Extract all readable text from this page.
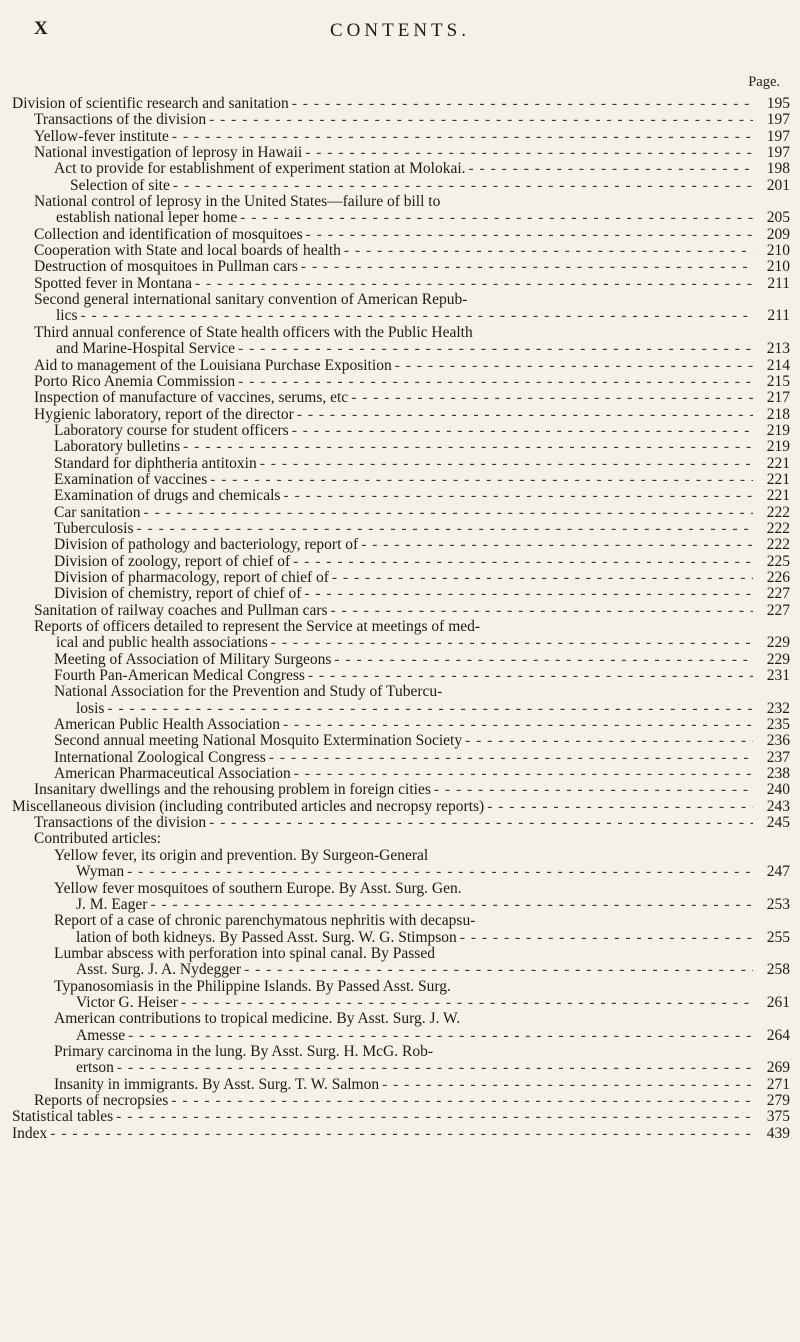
X	CONTENTS.
Page.
Division of scientific research and sanitation - - -	195
Transactions of the division - - -	197
Yellow-fever institute - - -	197
National investigation of leprosy in Hawaii - - -	197
Act to provide for establishment of experiment station at Molokai. - - -	198
Selection of site - - -	201
National control of leprosy in the United States—failure of bill to
establish national leper home - - -	205
Collection and identification of mosquitoes - - -	209
Cooperation with State and local boards of health - - -	210
Destruction of mosquitoes in Pullman cars - - -	210
Spotted fever in Montana - - -	211
Second general international sanitary convention of American Repub-
lics - - -	211
Third annual conference of State health officers with the Public Health
and Marine-Hospital Service - - -	213
Aid to management of the Louisiana Purchase Exposition - - -	214
Porto Rico Anemia Commission - - -	215
Inspection of manufacture of vaccines, serums, etc - - -	217
Hygienic laboratory, report of the director - - -	218
Laboratory course for student officers - - -	219
Laboratory bulletins - - -	219
Standard for diphtheria antitoxin - - -	221
Examination of vaccines - - -	221
Examination of drugs and chemicals - - -	221
Car sanitation - - -	222
Tuberculosis - - -	222
Division of pathology and bacteriology, report of - - -	222
Division of zoology, report of chief of - - -	225
Division of pharmacology, report of chief of - - -	226
Division of chemistry, report of chief of - - -	227
Sanitation of railway coaches and Pullman cars - - -	227
Reports of officers detailed to represent the Service at meetings of med-
ical and public health associations - - -	229
Meeting of Association of Military Surgeons - - -	229
Fourth Pan-American Medical Congress - - -	231
National Association for the Prevention and Study of Tubercu-
losis - - -	232
American Public Health Association - - -	235
Second annual meeting National Mosquito Extermination Society - - -	236
International Zoological Congress - - -	237
American Pharmaceutical Association - - -	238
Insanitary dwellings and the rehousing problem in foreign cities - - -	240
Miscellaneous division (including contributed articles and necropsy reports) - - -	243
Transactions of the division - - -	245
Contributed articles:
Yellow fever, its origin and prevention. By Surgeon-General
Wyman - - -	247
Yellow fever mosquitoes of southern Europe. By Asst. Surg. Gen.
J. M. Eager - - -	253
Report of a case of chronic parenchymatous nephritis with decapsu-
lation of both kidneys. By Passed Asst. Surg. W. G. Stimpson - - -	255
Lumbar abscess with perforation into spinal canal. By Passed
Asst. Surg. J. A. Nydegger - - -	258
Typanosomiasis in the Philippine Islands. By Passed Asst. Surg.
Victor G. Heiser - - -	261
American contributions to tropical medicine. By Asst. Surg. J. W.
Amesse - - -	264
Primary carcinoma in the lung. By Asst. Surg. H. McG. Rob-
ertson - - -	269
Insanity in immigrants. By Asst. Surg. T. W. Salmon - - -	271
Reports of necropsies - - -	279
Statistical tables - - -	375
Index - - -	439
